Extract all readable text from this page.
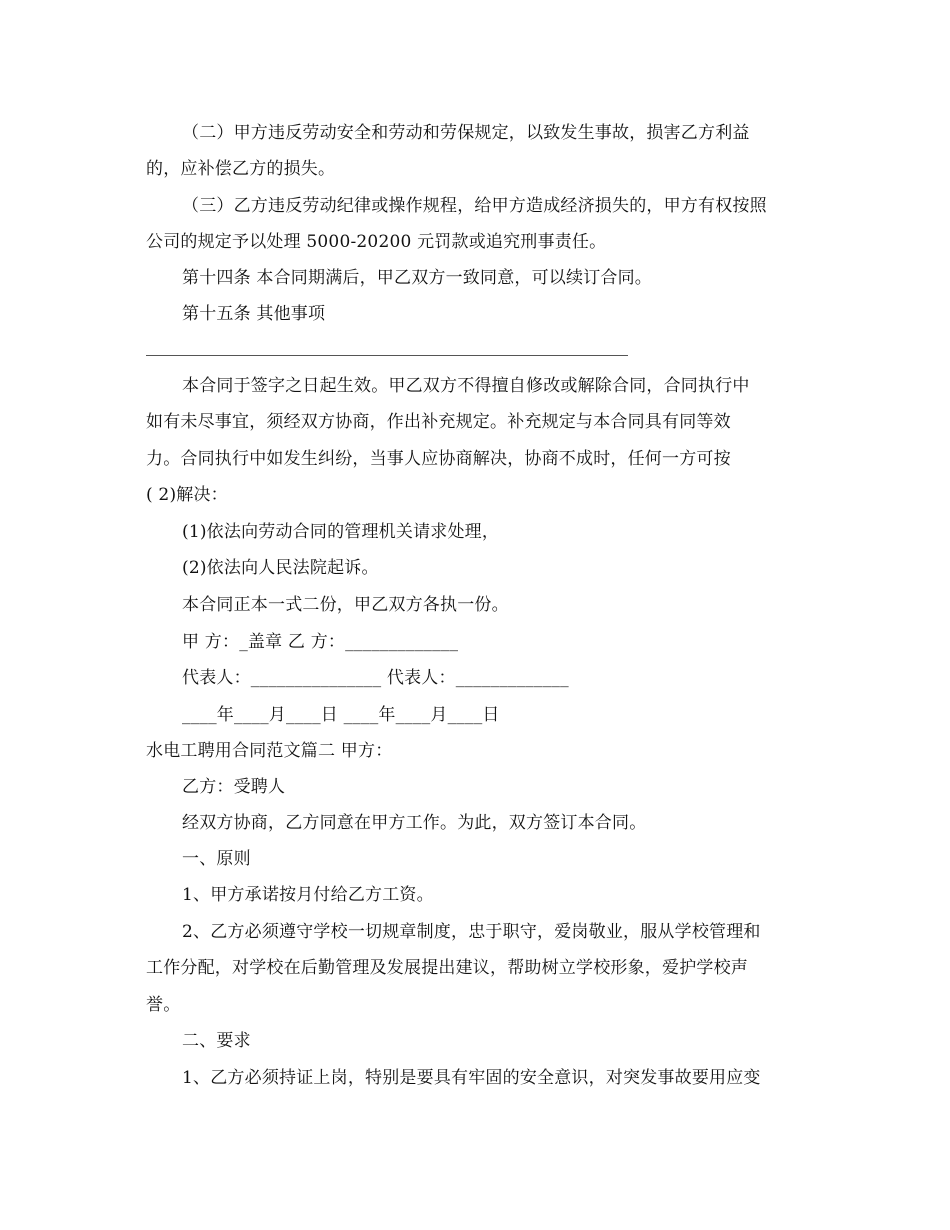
（二）甲方违反劳动安全和劳动和劳保规定，以致发生事故，损害乙方利益
的，应补偿乙方的损失。
（三）乙方违反劳动纪律或操作规程，给甲方造成经济损失的，甲方有权按照
公司的规定予以处理 5000-20200 元罚款或追究刑事责任。
第十四条 本合同期满后，甲乙双方一致同意，可以续订合同。
第十五条 其他事项
本合同于签字之日起生效。甲乙双方不得擅自修改或解除合同，合同执行中
如有未尽事宜，须经双方协商，作出补充规定。补充规定与本合同具有同等效
力。合同执行中如发生纠纷，当事人应协商解决，协商不成时，任何一方可按
( 2)解决：
(1)依法向劳动合同的管理机关请求处理，
(2)依法向人民法院起诉。
本合同正本一式二份，甲乙双方各执一份。
甲 方：_盖章 乙 方：_____________
代表人：_______________ 代表人：_____________
____年____月____日 ____年____月____日
水电工聘用合同范文篇二 甲方：
乙方：受聘人
经双方协商，乙方同意在甲方工作。为此，双方签订本合同。
一、原则
1、甲方承诺按月付给乙方工资。
2、乙方必须遵守学校一切规章制度，忠于职守，爱岗敬业，服从学校管理和
工作分配，对学校在后勤管理及发展提出建议，帮助树立学校形象，爱护学校声
誉。
二、要求
1、乙方必须持证上岗，特别是要具有牢固的安全意识，对突发事故要用应变
